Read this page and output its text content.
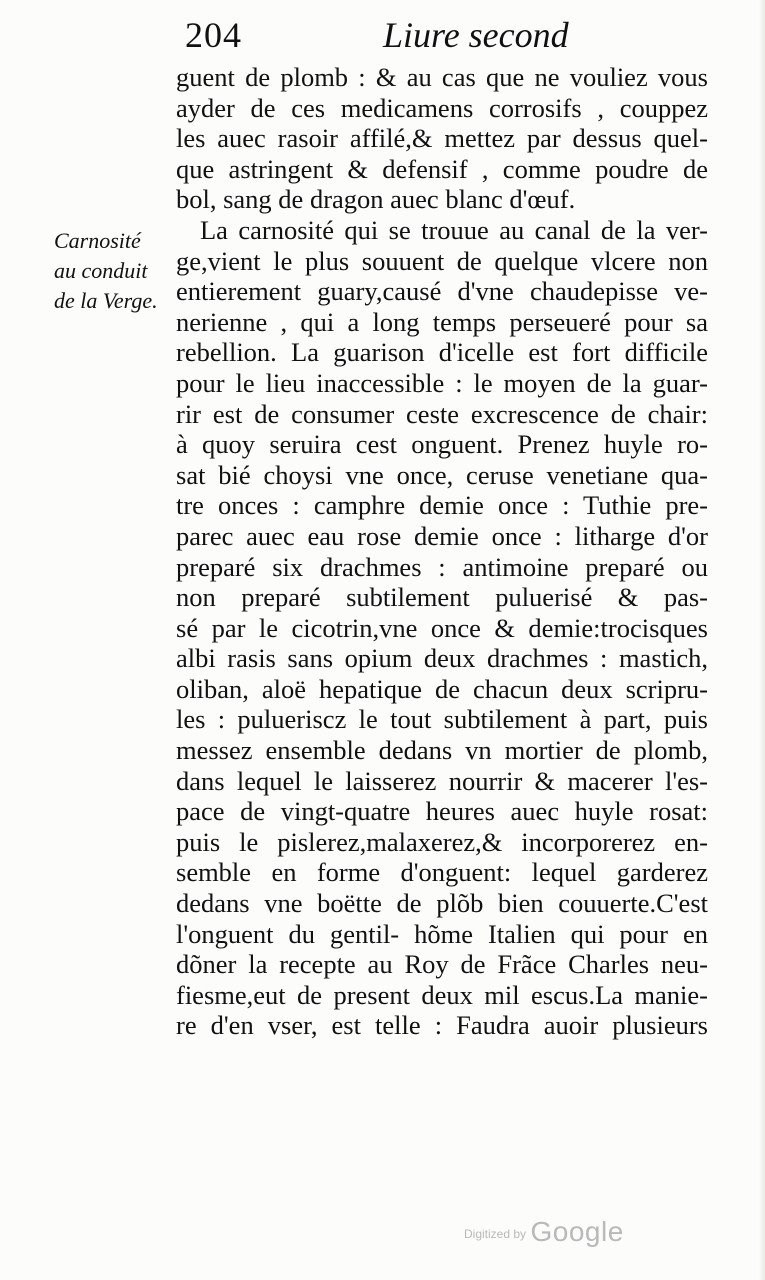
204	Liure second
Carnosité
au conduit
de la Verge.
guent de plomb : & au cas que ne vouliez vous
ayder de ces medicamens corrosifs , couppez
les auec rasoir affilé,& mettez par dessus quel-
que astringent & defensif , comme poudre de
bol, sang de dragon auec blanc d'œuf.
La carnosité qui se trouue au canal de la ver-
ge,vient le plus souuent de quelque vlcere non
entierement guary,causé d'vne chaudepisse ve-
nerienne , qui a long temps perseueré pour sa
rebellion. La guarison d'icelle est fort difficile
pour le lieu inaccessible : le moyen de la guar-
rir est de consumer ceste excrescence de chair:
à quoy seruira cest onguent. Prenez huyle ro-
sat bié choysi vne once, ceruse venetiane qua-
tre onces : camphre demie once : Tuthie pre-
parec auec eau rose demie once : litharge d'or
preparé six drachmes : antimoine preparé ou
non preparé subtilement puluerisé & pas-
sé par le cicotrin,vne once & demie:trocisques
albi rasis sans opium deux drachmes : mastich,
oliban, aloë hepatique de chacun deux scripru-
les : pulueriscz le tout subtilement à part, puis
messez ensemble dedans vn mortier de plomb,
dans lequel le laisserez nourrir & macerer l'es-
pace de vingt-quatre heures auec huyle rosat:
puis le pislerez,malaxerez,& incorporerez en-
semble en forme d'onguent: lequel garderez
dedans vne boëtte de plõb bien couuerte.C'est
l'onguent du gentil- hõme Italien qui pour en
dõner la recepte au Roy de Frãce Charles neu-
fiesme,eut de present deux mil escus.La manie-
re d'en vser, est telle : Faudra auoir plusieurs
Digitized by Google
